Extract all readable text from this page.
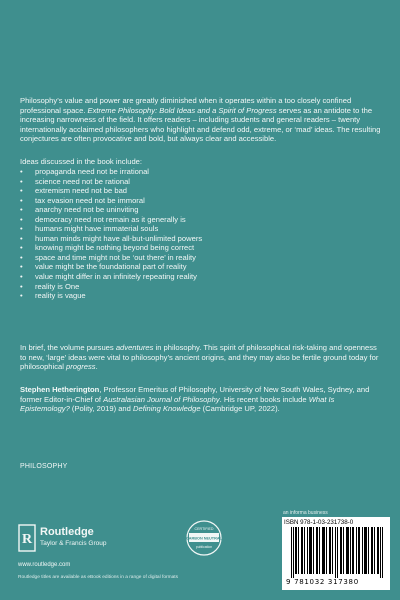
Philosophy’s value and power are greatly diminished when it operates within a too closely confined professional space. Extreme Philosophy: Bold Ideas and a Spirit of Progress serves as an antidote to the increasing narrowness of the field. It offers readers – including students and general readers – twenty internationally acclaimed philosophers who highlight and defend odd, extreme, or ‘mad’ ideas. The resulting conjectures are often provocative and bold, but always clear and accessible.
Ideas discussed in the book include:
• propaganda need not be irrational
• science need not be rational
• extremism need not be bad
• tax evasion need not be immoral
• anarchy need not be uninviting
• democracy need not remain as it generally is
• humans might have immaterial souls
• human minds might have all-but-unlimited powers
• knowing might be nothing beyond being correct
• space and time might not be ‘out there’ in reality
• value might be the foundational part of reality
• value might differ in an infinitely repeating reality
• reality is One
• reality is vague
In brief, the volume pursues adventures in philosophy. This spirit of philosophical risk-taking and openness to new, ‘large’ ideas were vital to philosophy’s ancient origins, and they may also be fertile ground today for philosophical progress.
Stephen Hetherington, Professor Emeritus of Philosophy, University of New South Wales, Sydney, and former Editor-in-Chief of Australasian Journal of Philosophy. His recent books include What Is Epistemology? (Polity, 2019) and Defining Knowledge (Cambridge UP, 2022).
PHILOSOPHY
R Routledge
Taylor & Francis Group
www.routledge.com
Routledge titles are available as eBook editions in a range of digital formats
CERTIFIED
CARBON NEUTRAL
publication
an informa business
ISBN 978-1-03-231738-0
9 781032 317380
